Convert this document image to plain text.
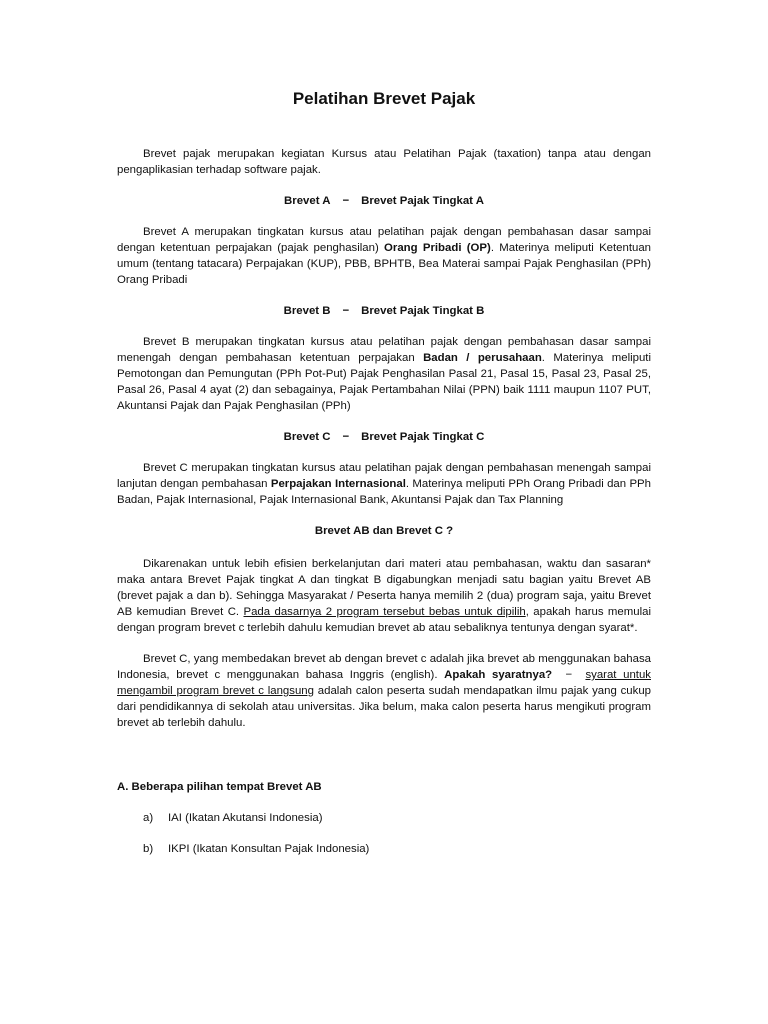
Pelatihan Brevet Pajak

Brevet pajak merupakan kegiatan Kursus atau Pelatihan Pajak (taxation) tanpa atau dengan pengaplikasian terhadap software pajak.

Brevet A − Brevet Pajak Tingkat A

Brevet A merupakan tingkatan kursus atau pelatihan pajak dengan pembahasan dasar sampai dengan ketentuan perpajakan (pajak penghasilan) Orang Pribadi (OP). Materinya meliputi Ketentuan umum (tentang tatacara) Perpajakan (KUP), PBB, BPHTB, Bea Materai sampai Pajak Penghasilan (PPh) Orang Pribadi

Brevet B − Brevet Pajak Tingkat B

Brevet B merupakan tingkatan kursus atau pelatihan pajak dengan pembahasan dasar sampai menengah dengan pembahasan ketentuan perpajakan Badan / perusahaan. Materinya meliputi Pemotongan dan Pemungutan (PPh Pot-Put) Pajak Penghasilan Pasal 21, Pasal 15, Pasal 23, Pasal 25, Pasal 26, Pasal 4 ayat (2) dan sebagainya, Pajak Pertambahan Nilai (PPN) baik 1111 maupun 1107 PUT, Akuntansi Pajak dan Pajak Penghasilan (PPh)

Brevet C − Brevet Pajak Tingkat C

Brevet C merupakan tingkatan kursus atau pelatihan pajak dengan pembahasan menengah sampai lanjutan dengan pembahasan Perpajakan Internasional. Materinya meliputi PPh Orang Pribadi dan PPh Badan, Pajak Internasional, Pajak Internasional Bank, Akuntansi Pajak dan Tax Planning

Brevet AB dan Brevet C ?

Dikarenakan untuk lebih efisien berkelanjutan dari materi atau pembahasan, waktu dan sasaran* maka antara Brevet Pajak tingkat A dan tingkat B digabungkan menjadi satu bagian yaitu Brevet AB (brevet pajak a dan b). Sehingga Masyarakat / Peserta hanya memilih 2 (dua) program saja, yaitu Brevet AB kemudian Brevet C. Pada dasarnya 2 program tersebut bebas untuk dipilih, apakah harus memulai dengan program brevet c terlebih dahulu kemudian brevet ab atau sebaliknya tentunya dengan syarat*.

Brevet C, yang membedakan brevet ab dengan brevet c adalah jika brevet ab menggunakan bahasa Indonesia, brevet c menggunakan bahasa Inggris (english). Apakah syaratnya?  −  syarat untuk mengambil program brevet c langsung adalah calon peserta sudah mendapatkan ilmu pajak yang cukup dari pendidikannya di sekolah atau universitas. Jika belum, maka calon peserta harus mengikuti program brevet ab terlebih dahulu.

A. Beberapa pilihan tempat Brevet AB

a)	IAI (Ikatan Akutansi Indonesia)
b)	IKPI (Ikatan Konsultan Pajak Indonesia)
